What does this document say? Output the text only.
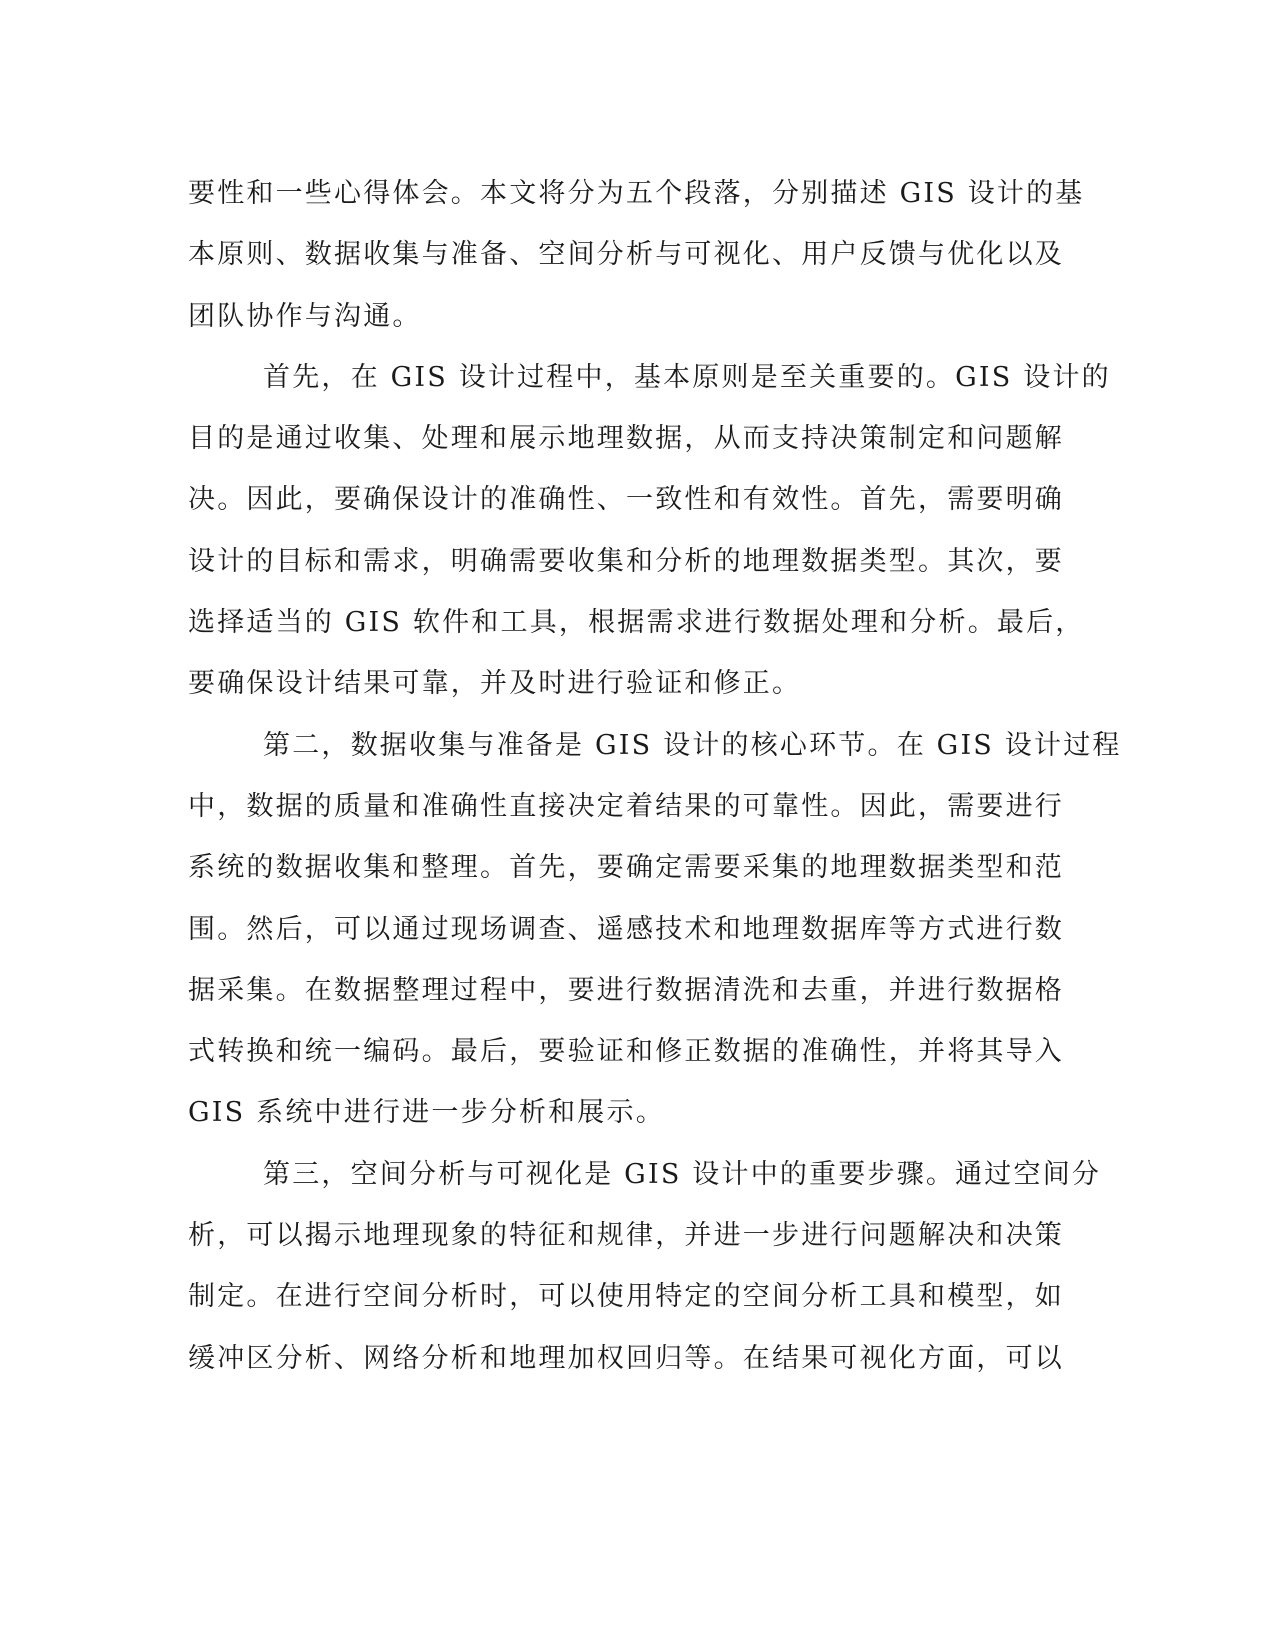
要性和一些心得体会。本文将分为五个段落，分别描述 GIS 设计的基
本原则、数据收集与准备、空间分析与可视化、用户反馈与优化以及
团队协作与沟通。
首先，在 GIS 设计过程中，基本原则是至关重要的。GIS 设计的
目的是通过收集、处理和展示地理数据，从而支持决策制定和问题解
决。因此，要确保设计的准确性、一致性和有效性。首先，需要明确
设计的目标和需求，明确需要收集和分析的地理数据类型。其次，要
选择适当的 GIS 软件和工具，根据需求进行数据处理和分析。最后，
要确保设计结果可靠，并及时进行验证和修正。
第二，数据收集与准备是 GIS 设计的核心环节。在 GIS 设计过程
中，数据的质量和准确性直接决定着结果的可靠性。因此，需要进行
系统的数据收集和整理。首先，要确定需要采集的地理数据类型和范
围。然后，可以通过现场调查、遥感技术和地理数据库等方式进行数
据采集。在数据整理过程中，要进行数据清洗和去重，并进行数据格
式转换和统一编码。最后，要验证和修正数据的准确性，并将其导入
GIS 系统中进行进一步分析和展示。
第三，空间分析与可视化是 GIS 设计中的重要步骤。通过空间分
析，可以揭示地理现象的特征和规律，并进一步进行问题解决和决策
制定。在进行空间分析时，可以使用特定的空间分析工具和模型，如
缓冲区分析、网络分析和地理加权回归等。在结果可视化方面，可以
